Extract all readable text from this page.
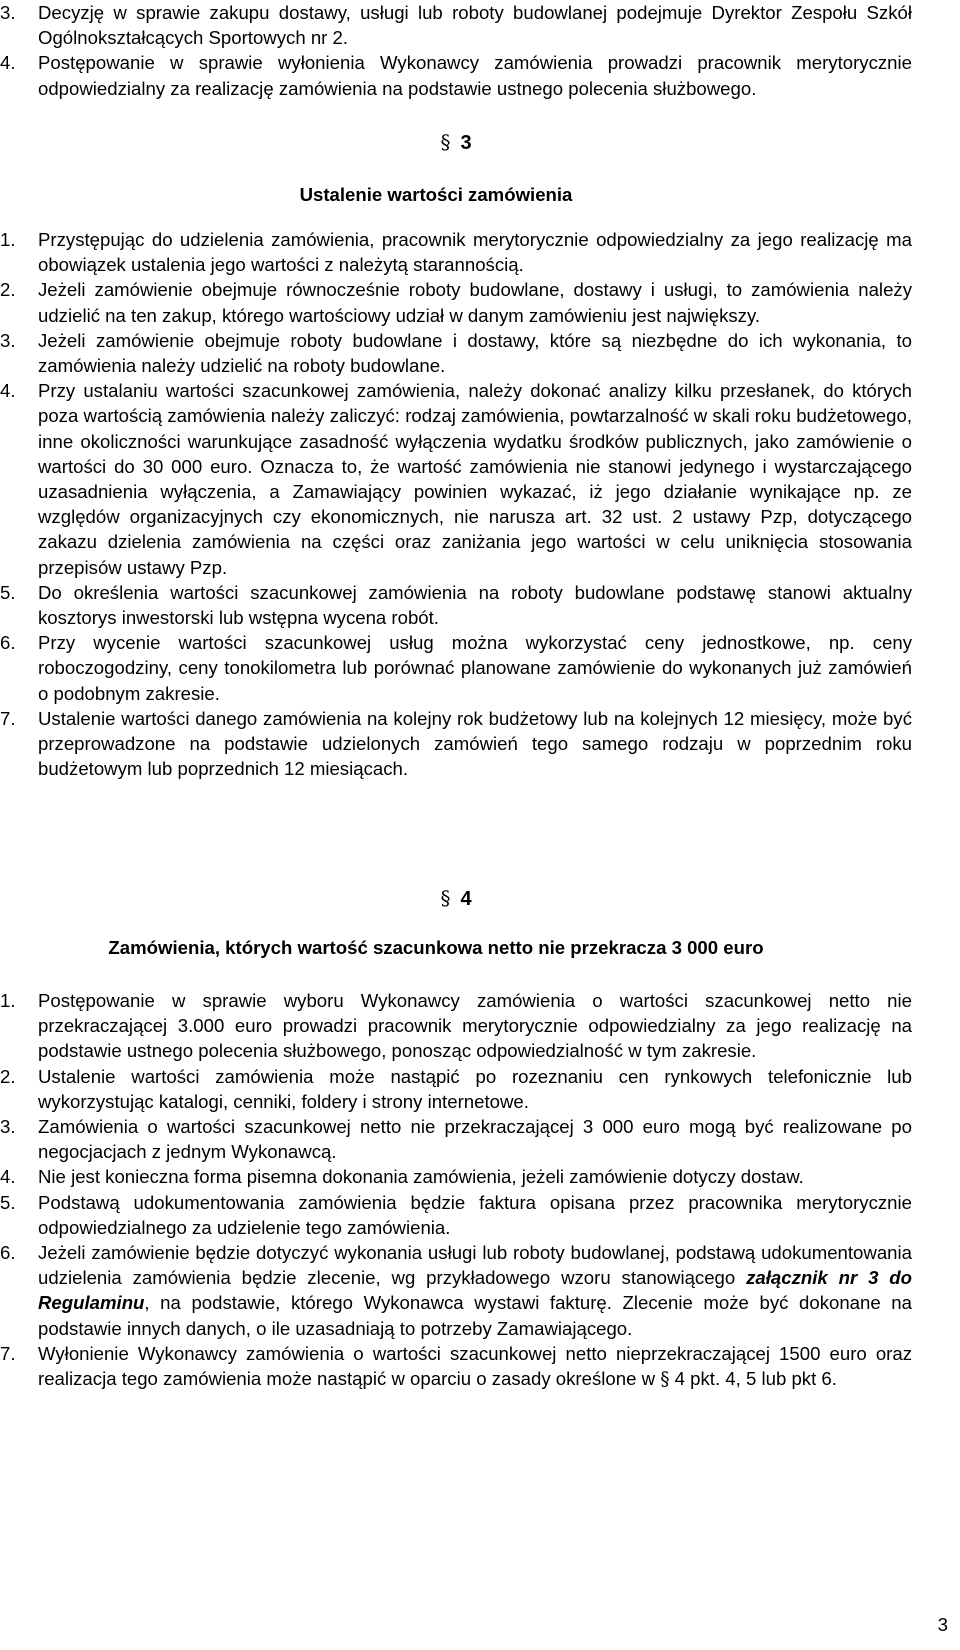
3. Decyzję w sprawie zakupu dostawy, usługi lub roboty budowlanej podejmuje Dyrektor Zespołu Szkół Ogólnokształcących Sportowych nr 2.
4. Postępowanie w sprawie wyłonienia Wykonawcy zamówienia prowadzi pracownik merytorycznie odpowiedzialny za realizację zamówienia na podstawie ustnego polecenia służbowego.
§ 3
Ustalenie wartości zamówienia
1. Przystępując do udzielenia zamówienia, pracownik merytorycznie odpowiedzialny za jego realizację ma obowiązek ustalenia jego wartości z należytą starannością.
2. Jeżeli zamówienie obejmuje równocześnie roboty budowlane, dostawy i usługi, to zamówienia należy udzielić na ten zakup, którego wartościowy udział w danym zamówieniu jest największy.
3. Jeżeli zamówienie obejmuje roboty budowlane i dostawy, które są niezbędne do ich wykonania, to zamówienia należy udzielić na roboty budowlane.
4. Przy ustalaniu wartości szacunkowej zamówienia, należy dokonać analizy kilku przesłanek, do których poza wartością zamówienia należy zaliczyć: rodzaj zamówienia, powtarzalność w skali roku budżetowego, inne okoliczności warunkujące zasadność wyłączenia wydatku środków publicznych, jako zamówienie o wartości do 30 000 euro. Oznacza to, że wartość zamówienia nie stanowi jedynego i wystarczającego uzasadnienia wyłączenia, a Zamawiający powinien wykazać, iż jego działanie wynikające np. ze względów organizacyjnych czy ekonomicznych, nie narusza art. 32 ust. 2 ustawy Pzp, dotyczącego zakazu dzielenia zamówienia na części oraz zaniżania jego wartości w celu uniknięcia stosowania przepisów ustawy Pzp.
5. Do określenia wartości szacunkowej zamówienia na roboty budowlane podstawę stanowi aktualny kosztorys inwestorski lub wstępna wycena robót.
6. Przy wycenie wartości szacunkowej usług można wykorzystać ceny jednostkowe, np. ceny roboczogodziny, ceny tonokilometra lub porównać planowane zamówienie do wykonanych już zamówień o podobnym zakresie.
7. Ustalenie wartości danego zamówienia na kolejny rok budżetowy lub na kolejnych 12 miesięcy, może być przeprowadzone na podstawie udzielonych zamówień tego samego rodzaju w poprzednim roku budżetowym lub poprzednich 12 miesiącach.
§ 4
Zamówienia, których wartość szacunkowa netto nie przekracza 3 000 euro
1. Postępowanie w sprawie wyboru Wykonawcy zamówienia o wartości szacunkowej netto nie przekraczającej 3.000 euro prowadzi pracownik merytorycznie odpowiedzialny za jego realizację na podstawie ustnego polecenia służbowego, ponosząc odpowiedzialność w tym zakresie.
2. Ustalenie wartości zamówienia może nastąpić po rozeznaniu cen rynkowych telefonicznie lub wykorzystując katalogi, cenniki, foldery i strony internetowe.
3. Zamówienia o wartości szacunkowej netto nie przekraczającej 3 000 euro mogą być realizowane po negocjacjach z jednym Wykonawcą.
4. Nie jest konieczna forma pisemna dokonania zamówienia, jeżeli zamówienie dotyczy dostaw.
5. Podstawą udokumentowania zamówienia będzie faktura opisana przez pracownika merytorycznie odpowiedzialnego za udzielenie tego zamówienia.
6. Jeżeli zamówienie będzie dotyczyć wykonania usługi lub roboty budowlanej, podstawą udokumentowania udzielenia zamówienia będzie zlecenie, wg przykładowego wzoru stanowiącego załącznik nr 3 do Regulaminu, na podstawie, którego Wykonawca wystawi fakturę. Zlecenie może być dokonane na podstawie innych danych, o ile uzasadniają to potrzeby Zamawiającego.
7. Wyłonienie Wykonawcy zamówienia o wartości szacunkowej netto nieprzekraczającej 1500 euro oraz realizacja tego zamówienia może nastąpić w oparciu o zasady określone w § 4 pkt. 4, 5 lub pkt 6.
3
